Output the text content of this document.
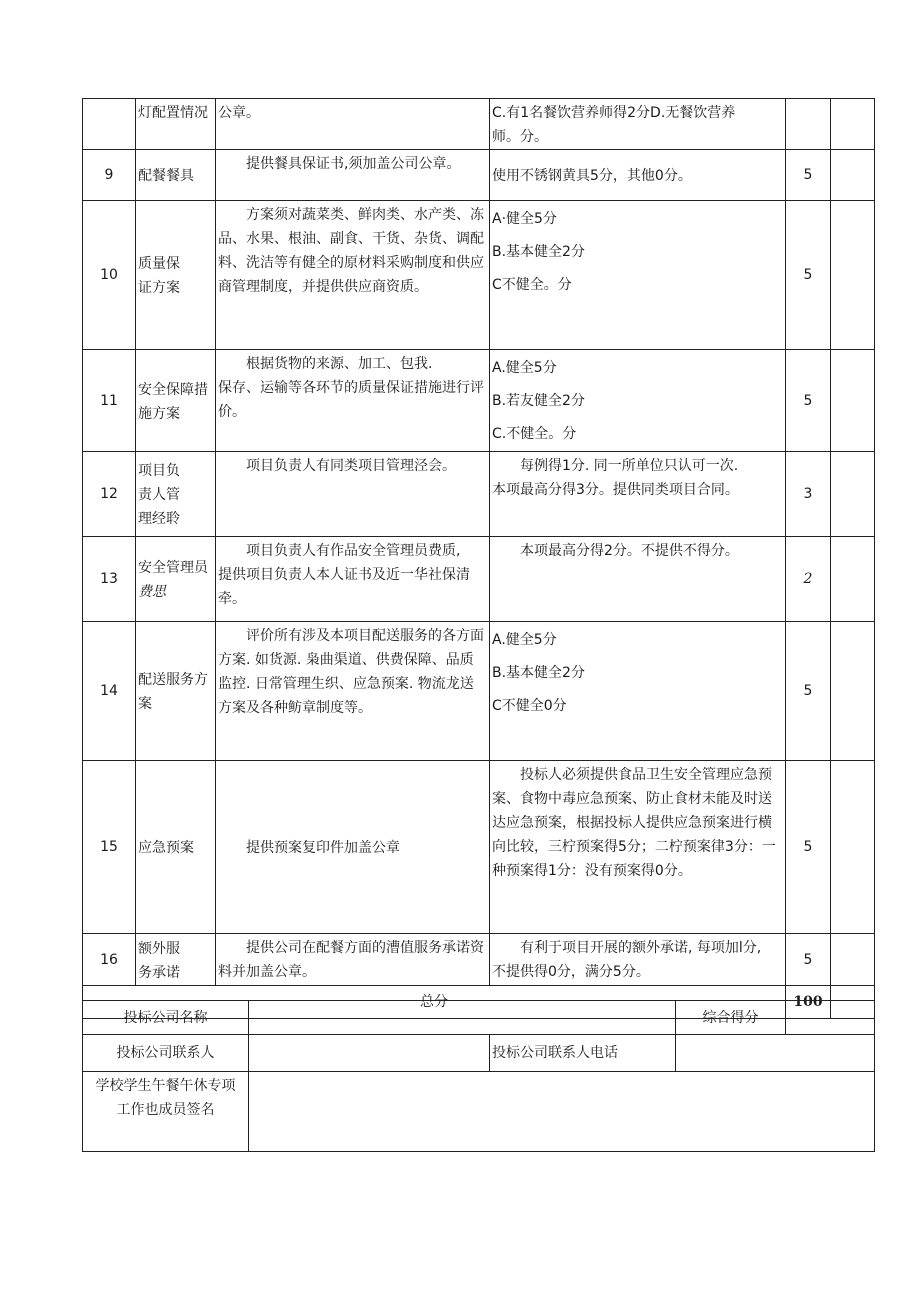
	灯配置情况	公章。	C.有1名餐饮营养师得2分D.无餐饮营养
师。分。		

9	配餐餐具	提供餐具保证书,须加盖公司公章。	使用不锈钢黄具5分，其他0分。	5	
10	质量保
证方案	方案须对蔬菜类、鲜肉类、水产类、冻品、水果、根油、副食、干货、杂货、调配料、洗洁等有健全的原材料采购制度和供应商管理制度，并提供供应商资质。	A·健全5分
B.基本健全2分
C不健全。分	5	
11	安全保障措
施方案	根据货物的来源、加工、包我.
保存、运输等各环节的质量保证措施进行评价。	A.健全5分
B.若友健全2分
C.不健全。分	5	
12	项目负
责人管
理经聆	项目负责人有同类项目管理泾会。	每例得1分. 同一所单位只认可一次.
本项最高分得3分。提供同类项目合同。	3	
13	安全管理员
费思	项目负责人有作品安全管理员费质,
提供项目负责人本人证书及近一华社保清牵。	本项最高分得2分。不提供不得分。	2	
14	配送服务方
案	评价所有涉及本项目配送服务的各方面方案. 如货源. 枭曲渠道、供费保障、品质监控. 日常管理生织、应急预案. 物流龙送方案及各种鲂章制度等。	A.健全5分
B.基本健全2分
C不健全0分	5	
15	应急预案	提供预案复印件加盖公章	投标人必须提供食品卫生安全管理应急预案、食物中毒应急预案、防止食材未能及时送达应急预案，根据投标人提供应急预案进行横向比较，三柠预案得5分；二柠预案律3分：一种预案得1分：没有预案得0分。	5	
16	额外服
务承诺	提供公司在配餐方面的漕值服务承诺资料并加盖公章。	有利于项目开展的额外承诺, 每项加l分,
不提供得0分，满分5分。	5	
总分				100	
投标公司名称			综合得分	
投标公司联系人		投标公司联系人电话		

学校学生午餐午休专项
工作也成员签名				
